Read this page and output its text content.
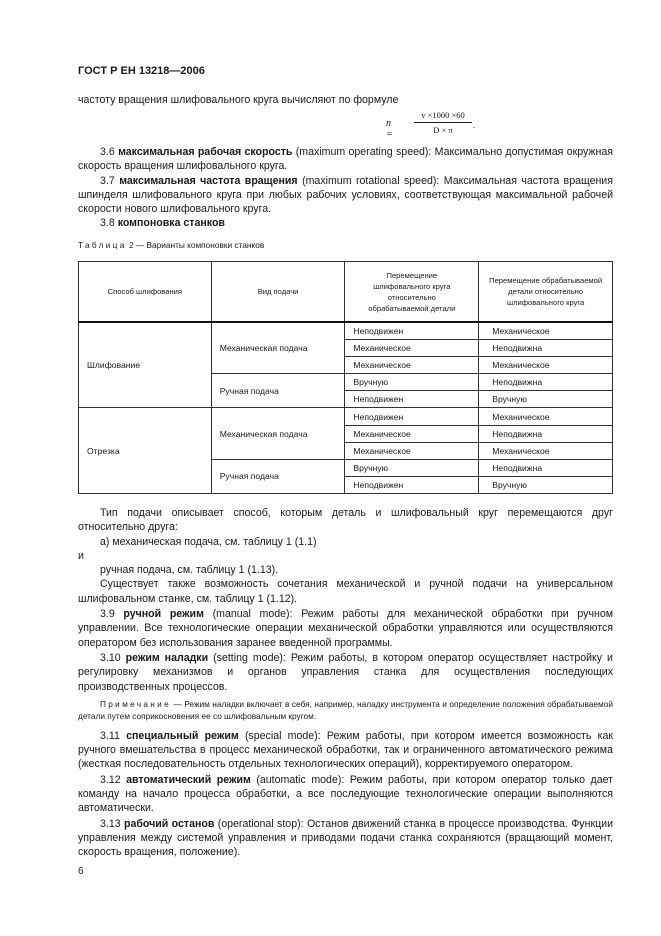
ГОСТ Р ЕН 13218—2006

частоту вращения шлифовального круга вычисляют по формуле

n =	$\frac{v \times 1000 \times 60}{D \times \pi}$ .

3.6 максимальная рабочая скорость (maximum operating speed): Максимально допустимая окружная скорость вращения шлифовального круга.

3.7 максимальная частота вращения (maximum rotational speed): Максимальная частота вращения шпинделя шлифовального круга при любых рабочих условиях, соответствующая максимальной рабочей скорости нового шлифовального круга.

3.8 компоновка станков

Таблица 2 — Варианты компоновки станков
Способ шлифования	Вид подачи	Перемещение шлифовального круга относительно обрабатываемой детали	Перемещение обрабатываемой детали относительно шлифовального круга
Шлифование	Механическая подача	Неподвижен	Механическое
		Механическое	Неподвижна
		Механическое	Механическое
	Ручная подача	Вручную	Неподвижна
		Неподвижен	Вручную
Отрезка	Механическая подача	Неподвижен	Механическое
		Механическое	Неподвижна
		Механическое	Механическое
	Ручная подача	Вручную	Неподвижна
		Неподвижен	Вручную

Тип подачи описывает способ, которым деталь и шлифовальный круг перемещаются друг относительно друга:

а) механическая подача, см. таблицу 1 (1.1)

и

ручная подача, см. таблицу 1 (1.13).

Существует также возможность сочетания механической и ручной подачи на универсальном шлифовальном станке, см. таблицу 1 (1.12).

3.9 ручной режим (manual mode): Режим работы для механической обработки при ручном управлении. Все технологические операции механической обработки управляются или осуществляются оператором без использования заранее введенной программы.

3.10 режим наладки (setting mode): Режим работы, в котором оператор осуществляет настройку и регулировку механизмов и органов управления станка для осуществления последующих производственных процессов.

Примечание — Режим наладки включает в себя, например, наладку инструмента и определение положения обрабатываемой детали путем соприкосновения ее со шлифовальным кругом.

3.11 специальный режим (special mode): Режим работы, при котором имеется возможность как ручного вмешательства в процесс механической обработки, так и ограниченного автоматического режима (жесткая последовательность отдельных технологических операций), корректируемого оператором.

3.12 автоматический режим (automatic mode): Режим работы, при котором оператор только дает команду на начало процесса обработки, а все последующие технологические операции выполняются автоматически.

3.13 рабочий останов (operational stop): Останов движений станка в процессе производства. Функции управления между системой управления и приводами подачи станка сохраняются (вращающий момент, скорость вращения, положение).

6
